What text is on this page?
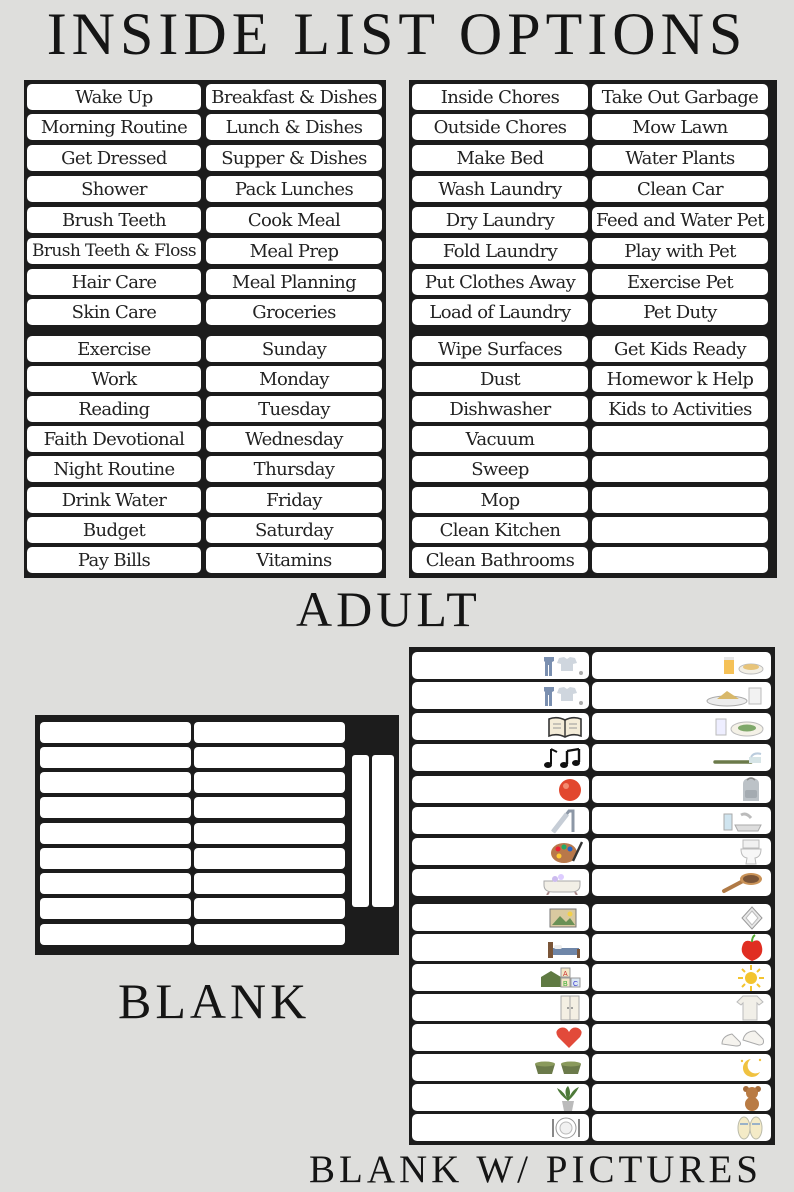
INSIDE LIST OPTIONS
ADULT
BLANK
BLANK W/ PICTURES
Wake Up
Morning Routine
Get Dressed
Shower
Brush Teeth
Brush Teeth & Floss
Hair Care
Skin Care
Exercise
Work
Reading
Faith Devotional
Night Routine
Drink Water
Budget
Pay Bills
Breakfast & Dishes
Lunch & Dishes
Supper & Dishes
Pack Lunches
Cook Meal
Meal Prep
Meal Planning
Groceries
Sunday
Monday
Tuesday
Wednesday
Thursday
Friday
Saturday
Vitamins
Inside Chores
Outside Chores
Make Bed
Wash Laundry
Dry Laundry
Fold Laundry
Put Clothes Away
Load of Laundry
Wipe Surfaces
Dust
Dishwasher
Vacuum
Sweep
Mop
Clean Kitchen
Clean Bathrooms
Take Out Garbage
Mow Lawn
Water Plants
Clean Car
Feed and Water Pet
Play with Pet
Exercise Pet
Pet Duty
Get Kids Ready
Homewor k Help
Kids to Activities
A
B C
